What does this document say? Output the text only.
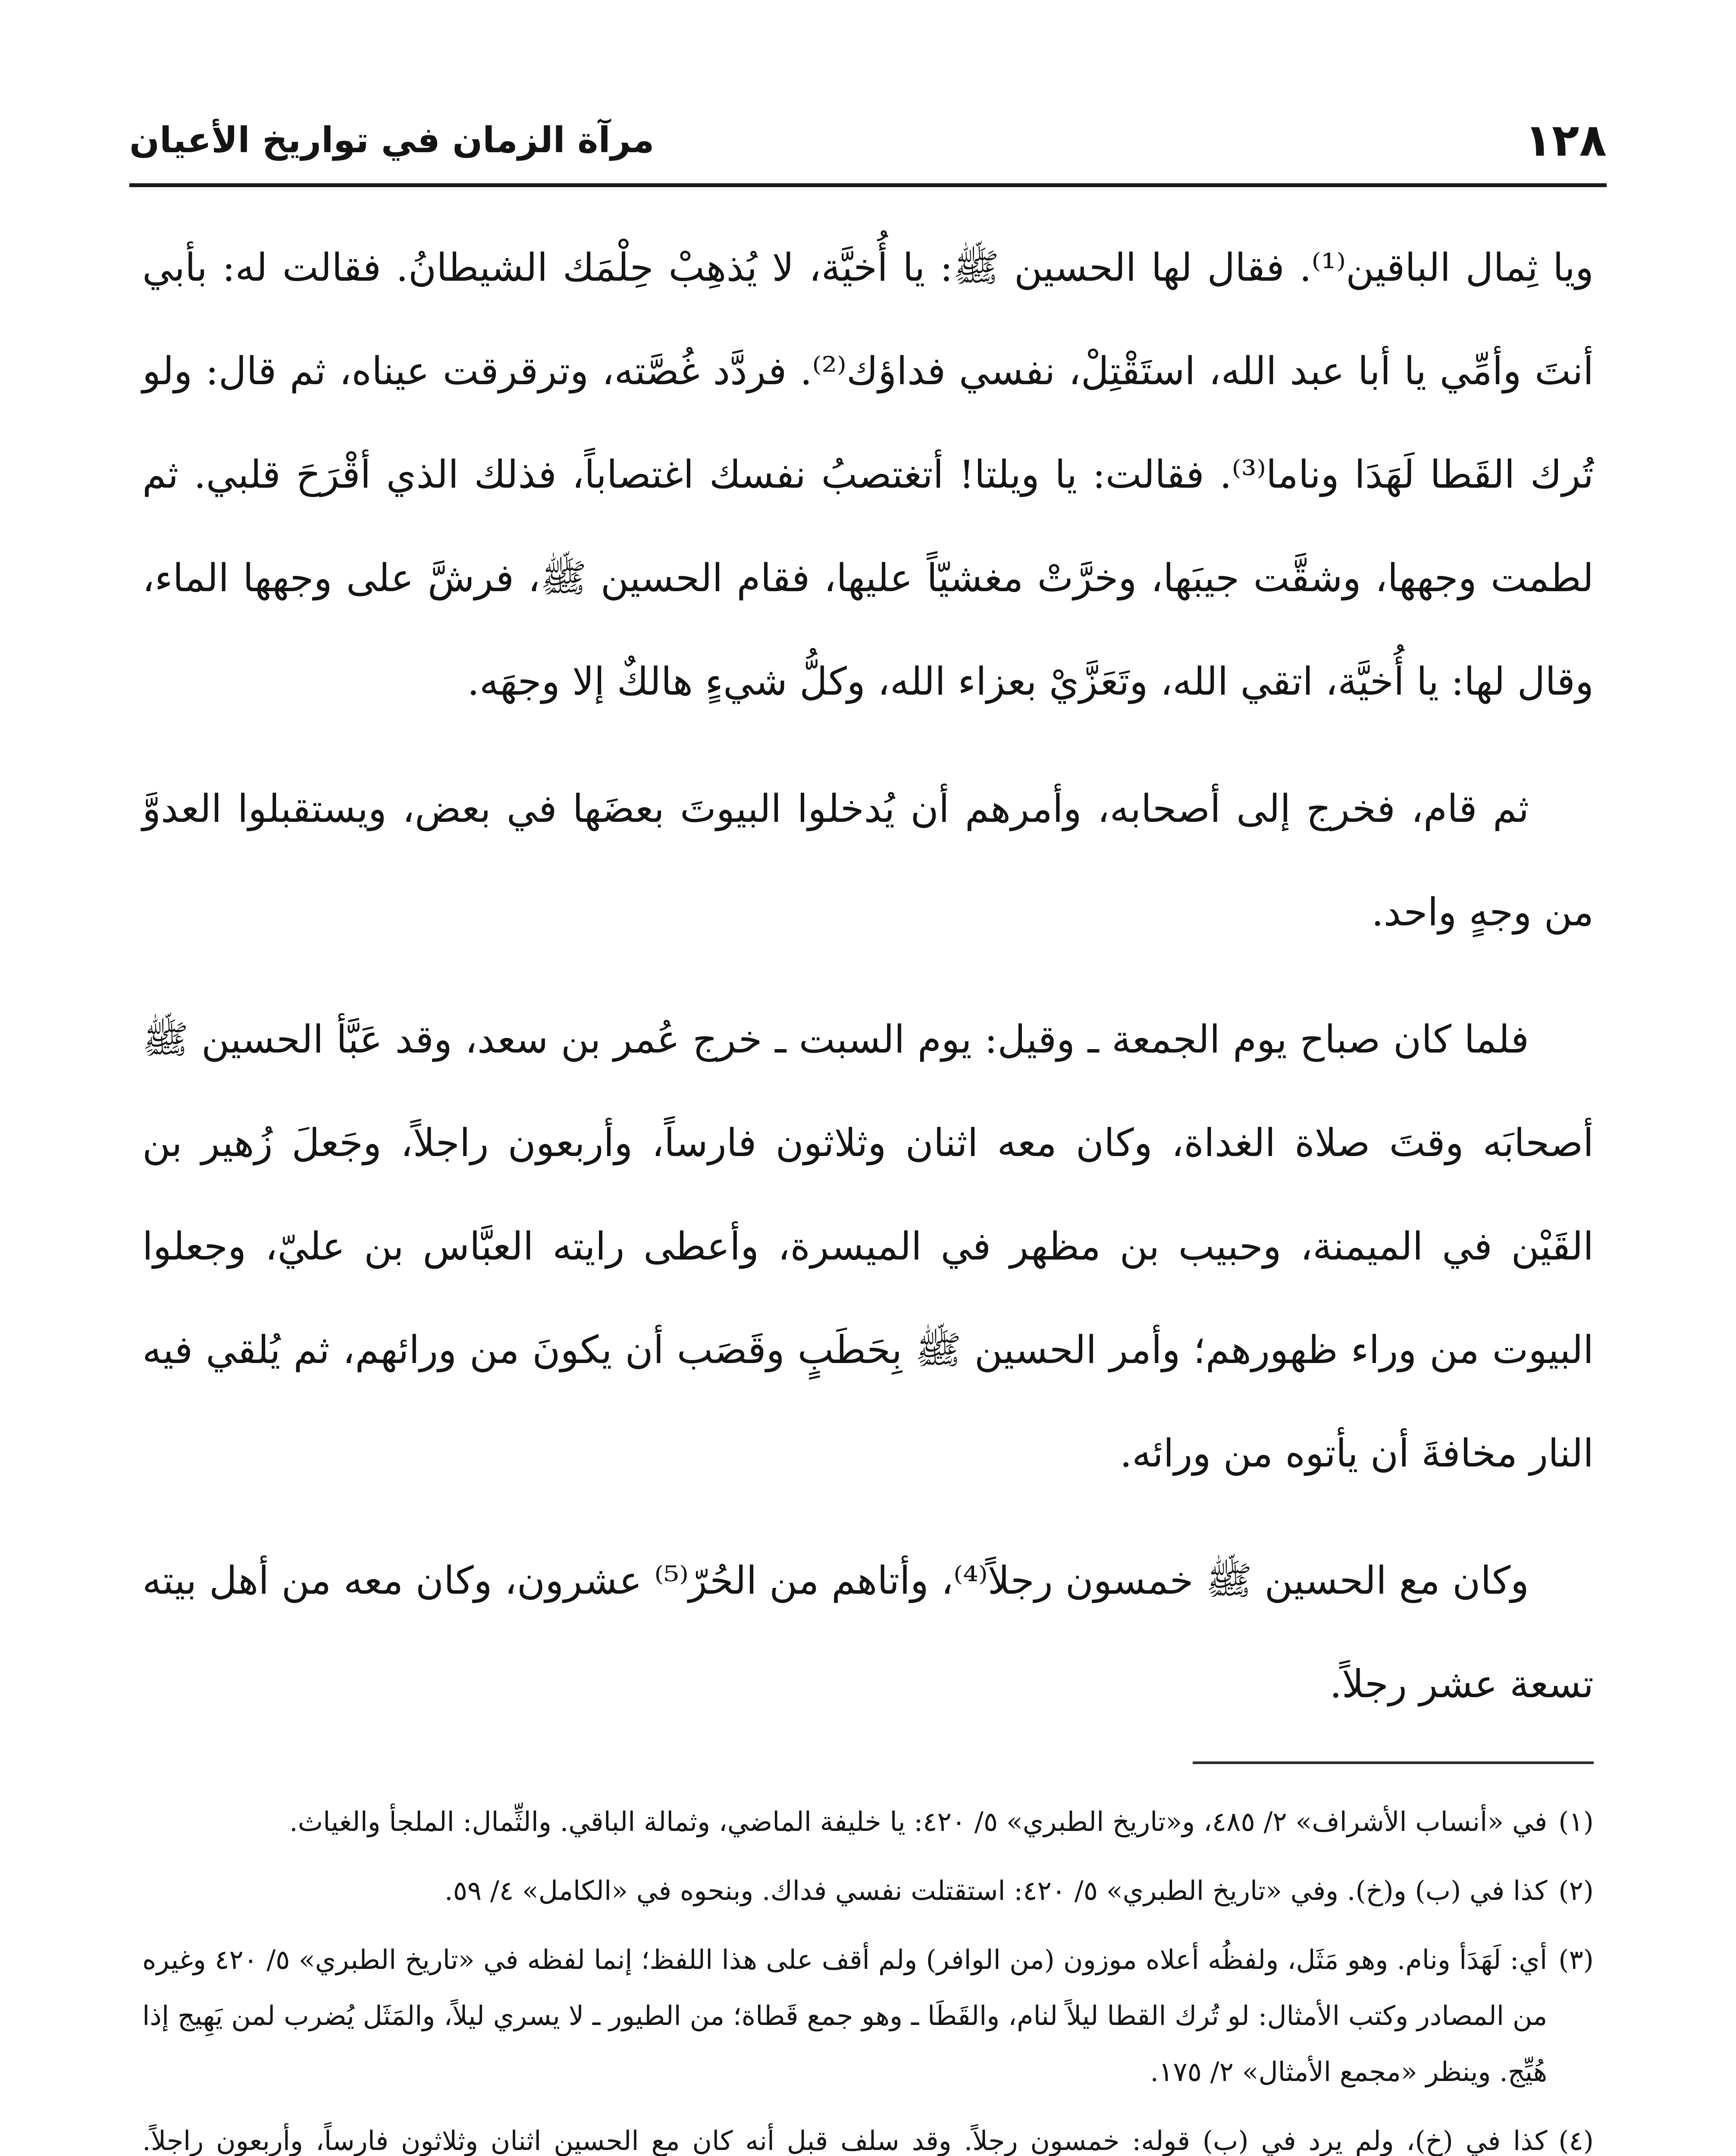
١٢٨
مرآة الزمان في تواريخ الأعيان

ويا ثِمال الباقين⁽¹⁾. فقال لها الحسين ﷺ: يا أُخيَّة، لا يُذهِبْ حِلْمَك الشيطانُ. فقالت له: بأبي أنتَ وأمِّي يا أبا عبد الله، استَقْتِلْ، نفسي فداؤك⁽²⁾. فردَّد غُصَّته، وترقرقت عيناه، ثم قال: ولو تُرك القَطا لَهَدَا وناما⁽³⁾. فقالت: يا ويلتا! أتغتصبُ نفسك اغتصاباً، فذلك الذي أقْرَحَ قلبي. ثم لطمت وجهها، وشقَّت جيبَها، وخرَّتْ مغشيّاً عليها، فقام الحسين ﷺ، فرشَّ على وجهها الماء، وقال لها: يا أُخيَّة، اتقي الله، وتَعَزَّيْ بعزاء الله، وكلُّ شيءٍ هالكٌ إلا وجهَه.

ثم قام، فخرج إلى أصحابه، وأمرهم أن يُدخلوا البيوتَ بعضَها في بعض، ويستقبلوا العدوَّ من وجهٍ واحد.

فلما كان صباح يوم الجمعة ـ وقيل: يوم السبت ـ خرج عُمر بن سعد، وقد عَبَّأ الحسين ﷺ أصحابَه وقتَ صلاة الغداة، وكان معه اثنان وثلاثون فارساً، وأربعون راجلاً، وجَعلَ زُهير بن القَيْن في الميمنة، وحبيب بن مظهر في الميسرة، وأعطى رايته العبَّاس بن عليّ، وجعلوا البيوت من وراء ظهورهم؛ وأمر الحسين ﷺ بِحَطَبٍ وقَصَب أن يكونَ من ورائهم، ثم يُلقي فيه النار مخافةَ أن يأتوه من ورائه.

وكان مع الحسين ﷺ خمسون رجلاً⁽⁴⁾، وأتاهم من الحُرّ⁽⁵⁾ عشرون، وكان معه من أهل بيته تسعة عشر رجلاً.

(١)
في «أنساب الأشراف» ٢/ ٤٨٥، و«تاريخ الطبري» ٥/ ٤٢٠: يا خليفة الماضي، وثمالة الباقي. والثِّمال: الملجأ والغياث.
(٢)
كذا في (ب) و(خ). وفي «تاريخ الطبري» ٥/ ٤٢٠: استقتلت نفسي فداك. وبنحوه في «الكامل» ٤/ ٥٩.
(٣)
أي: لَهَدَأ ونام. وهو مَثَل، ولفظُه أعلاه موزون (من الوافر) ولم أقف على هذا اللفظ؛ إنما لفظه في «تاريخ الطبري» ٥/ ٤٢٠ وغيره من المصادر وكتب الأمثال: لو تُرك القطا ليلاً لنام، والقَطَا ـ وهو جمع قَطاة؛ من الطيور ـ لا يسري ليلاً، والمَثَل يُضرب لمن يَهِيج إذا هُيِّج. وينظر «مجمع الأمثال» ٢/ ١٧٥.
(٤)
كذا في (خ)، ولم يرد في (ب) قوله: خمسون رجلاً. وقد سلف قبل أنه كان مع الحسين اثنان وثلاثون فارساً، وأربعون راجلاً.
